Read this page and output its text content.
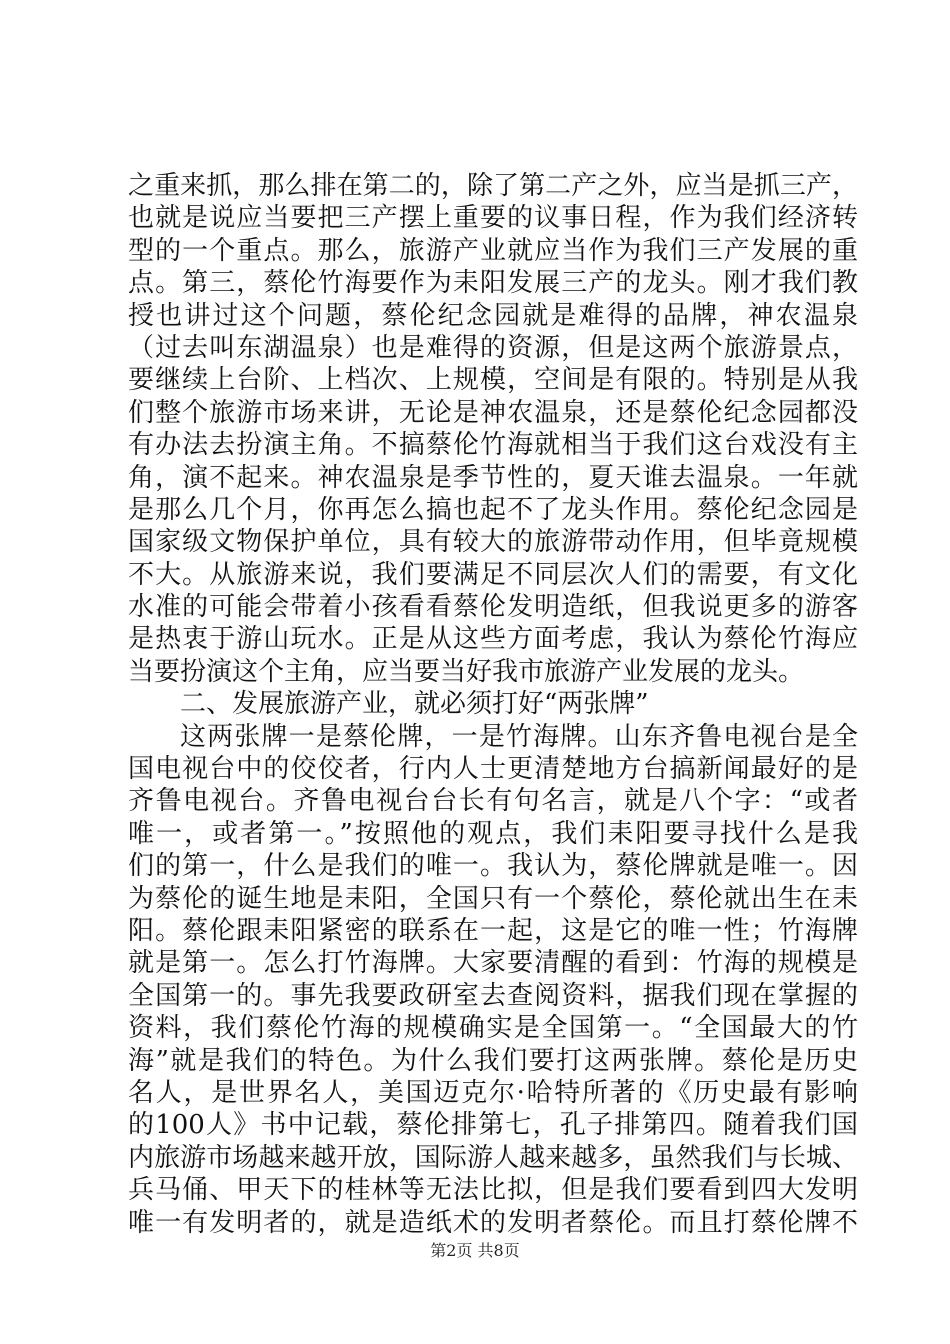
之重来抓，那么排在第二的，除了第二产之外，应当是抓三产，
也就是说应当要把三产摆上重要的议事日程，作为我们经济转
型的一个重点。那么，旅游产业就应当作为我们三产发展的重
点。第三，蔡伦竹海要作为耒阳发展三产的龙头。刚才我们教
授也讲过这个问题，蔡伦纪念园就是难得的品牌，神农温泉
（过去叫东湖温泉）也是难得的资源，但是这两个旅游景点，
要继续上台阶、上档次、上规模，空间是有限的。特别是从我
们整个旅游市场来讲，无论是神农温泉，还是蔡伦纪念园都没
有办法去扮演主角。不搞蔡伦竹海就相当于我们这台戏没有主
角，演不起来。神农温泉是季节性的，夏天谁去温泉。一年就
是那么几个月，你再怎么搞也起不了龙头作用。蔡伦纪念园是
国家级文物保护单位，具有较大的旅游带动作用，但毕竟规模
不大。从旅游来说，我们要满足不同层次人们的需要，有文化
水准的可能会带着小孩看看蔡伦发明造纸，但我说更多的游客
是热衷于游山玩水。正是从这些方面考虑，我认为蔡伦竹海应
当要扮演这个主角，应当要当好我市旅游产业发展的龙头。
二、发展旅游产业，就必须打好“两张牌”
这两张牌一是蔡伦牌，一是竹海牌。山东齐鲁电视台是全
国电视台中的佼佼者，行内人士更清楚地方台搞新闻最好的是
齐鲁电视台。齐鲁电视台台长有句名言，就是八个字：“或者
唯一，或者第一。”按照他的观点，我们耒阳要寻找什么是我
们的第一，什么是我们的唯一。我认为，蔡伦牌就是唯一。因
为蔡伦的诞生地是耒阳，全国只有一个蔡伦，蔡伦就出生在耒
阳。蔡伦跟耒阳紧密的联系在一起，这是它的唯一性；竹海牌
就是第一。怎么打竹海牌。大家要清醒的看到：竹海的规模是
全国第一的。事先我要政研室去查阅资料，据我们现在掌握的
资料，我们蔡伦竹海的规模确实是全国第一。“全国最大的竹
海”就是我们的特色。为什么我们要打这两张牌。蔡伦是历史
名人，是世界名人，美国迈克尔·哈特所著的《历史最有影响
的100人》书中记载，蔡伦排第七，孔子排第四。随着我们国
内旅游市场越来越开放，国际游人越来越多，虽然我们与长城、
兵马俑、甲天下的桂林等无法比拟，但是我们要看到四大发明
唯一有发明者的，就是造纸术的发明者蔡伦。而且打蔡伦牌不
第2页 共8页
